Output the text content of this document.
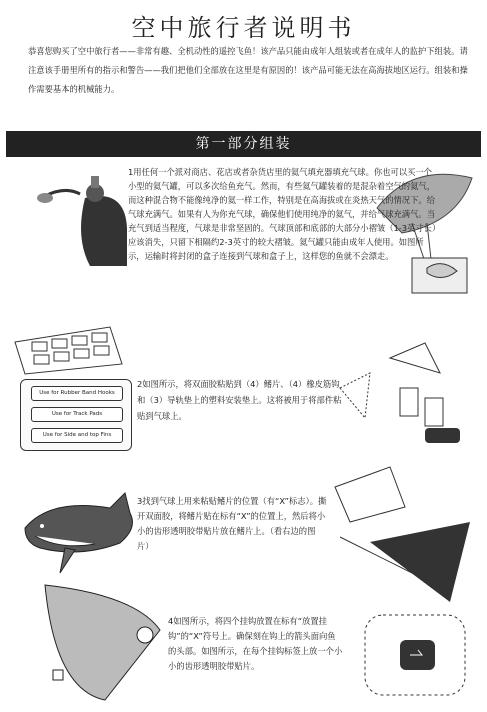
空中旅行者说明书
恭喜您购买了空中旅行者——非常有趣、全机动性的遥控飞鱼！该产品只能由成年人组装或者在成年人的监护下组装。请注意该手册里所有的指示和警告——我们把他们全部放在这里是有原因的！该产品可能无法在高海拔地区运行。组装和操作需要基本的机械能力。
第一部分组装
Use for Rubber Band Hooks
Use for Track Pads
Use for Side and top Fins
2如图所示，将双面胶粘贴到（4）鳍片、（4）橡皮筋钩和（3）导轨垫上的塑料安装垫上。这将被用于将部件粘贴到气球上。
1用任何一个派对商店、花店或者杂货店里的氦气填充器填充气球。你也可以买一个小型的氦气罐，可以多次给鱼充气。然而，有些氦气罐装着的是混杂着空气的氦气，而这种混合物不能像纯净的氦一样工作，特别是在高海拔或在炎热天气的情况下。给气球充满气。如果有人为你充气球，确保他们使用纯净的氦气，并给气球充满气。当充气到适当程度，气球是非常坚固的。气球顶部和底部的大部分小褶皱（1-3英寸长）应该消失，只留下相隔约2-3英寸的较大褶皱。氦气罐只能由成年人使用。如图所示，运输时将封闭的盒子连接到气球和盒子上，这样您的鱼就不会漂走。
3找到气球上用来粘贴鳍片的位置（有“X”标志）。撕开双面胶，将鳍片贴在标有“X”的位置上，然后将小小的齿形透明胶带贴片放在鳍片上。（看右边的图片）
4如图所示，将四个挂钩放置在标有“放置挂钩”的“X”符号上。确保刻在钩上的箭头面向鱼的头部。如图所示，在每个挂钩标签上放一个小小的齿形透明胶带贴片。
